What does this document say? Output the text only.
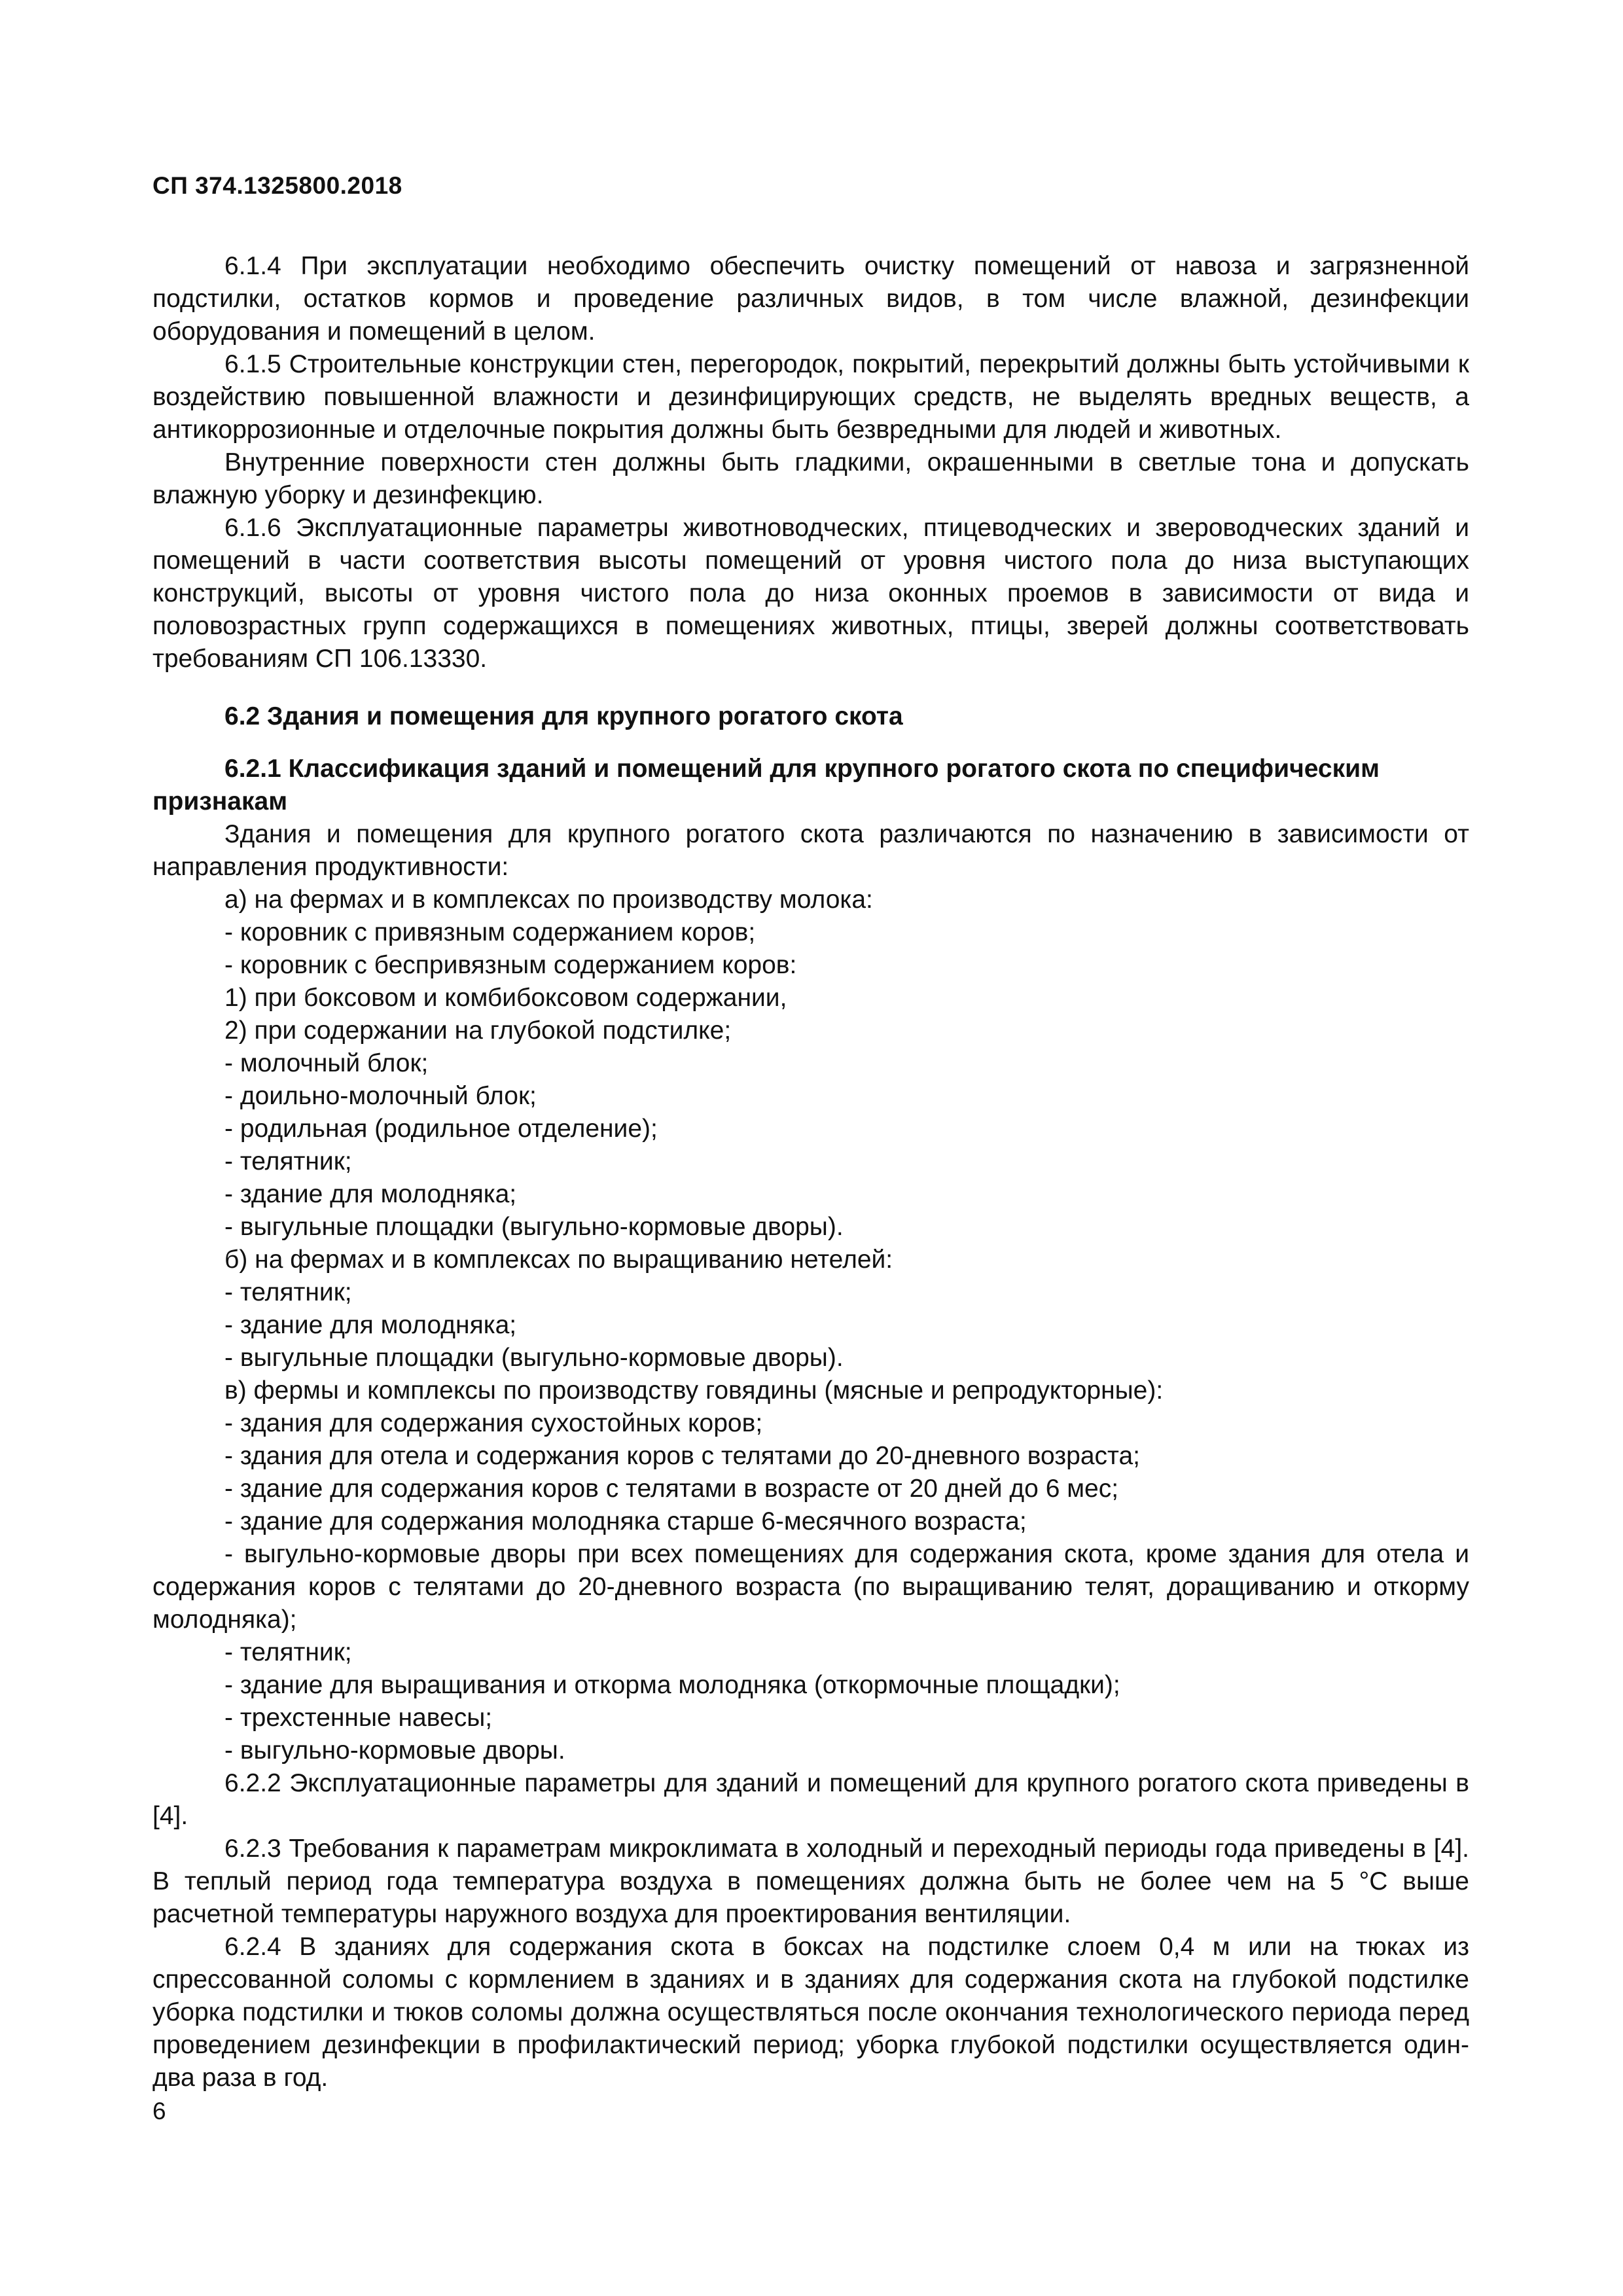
СП 374.1325800.2018

6.1.4 При эксплуатации необходимо обеспечить очистку помещений от навоза и загрязненной подстилки, остатков кормов и проведение различных видов, в том числе влажной, дезинфекции оборудования и помещений в целом.

6.1.5 Строительные конструкции стен, перегородок, покрытий, перекрытий должны быть устойчивыми к воздействию повышенной влажности и дезинфицирующих средств, не выделять вредных веществ, а антикоррозионные и отделочные покрытия должны быть безвредными для людей и животных.

Внутренние поверхности стен должны быть гладкими, окрашенными в светлые тона и допускать влажную уборку и дезинфекцию.

6.1.6 Эксплуатационные параметры животноводческих, птицеводческих и звероводческих зданий и помещений в части соответствия высоты помещений от уровня чистого пола до низа выступающих конструкций, высоты от уровня чистого пола до низа оконных проемов в зависимости от вида и половозрастных групп содержащихся в помещениях животных, птицы, зверей должны соответствовать требованиям СП 106.13330.

6.2 Здания и помещения для крупного рогатого скота

6.2.1 Классификация зданий и помещений для крупного рогатого скота по специфическим признакам

Здания и помещения для крупного рогатого скота различаются по назначению в зависимости от направления продуктивности:

а) на фермах и в комплексах по производству молока:

- коровник с привязным содержанием коров;

- коровник с беспривязным содержанием коров:

1) при боксовом и комбибоксовом содержании,

2) при содержании на глубокой подстилке;

- молочный блок;

- доильно-молочный блок;

- родильная (родильное отделение);

- телятник;

- здание для молодняка;

- выгульные площадки (выгульно-кормовые дворы).

б) на фермах и в комплексах по выращиванию нетелей:

- телятник;

- здание для молодняка;

- выгульные площадки (выгульно-кормовые дворы).

в) фермы и комплексы по производству говядины (мясные и репродукторные):

- здания для содержания сухостойных коров;

- здания для отела и содержания коров с телятами до 20-дневного возраста;

- здание для содержания коров с телятами в возрасте от 20 дней до 6 мес;

- здание для содержания молодняка старше 6-месячного возраста;

- выгульно-кормовые дворы при всех помещениях для содержания скота, кроме здания для отела и содержания коров с телятами до 20-дневного возраста (по выращиванию телят, доращиванию и откорму молодняка);

- телятник;

- здание для выращивания и откорма молодняка (откормочные площадки);

- трехстенные навесы;

- выгульно-кормовые дворы.

6.2.2 Эксплуатационные параметры для зданий и помещений для крупного рогатого скота приведены в [4].

6.2.3 Требования к параметрам микроклимата в холодный и переходный периоды года приведены в [4]. В теплый период года температура воздуха в помещениях должна быть не более чем на 5 °С выше расчетной температуры наружного воздуха для проектирования вентиляции.

6.2.4 В зданиях для содержания скота в боксах на подстилке слоем 0,4 м или на тюках из спрессованной соломы с кормлением в зданиях и в зданиях для содержания скота на глубокой подстилке уборка подстилки и тюков соломы должна осуществляться после окончания технологического периода перед проведением дезинфекции в профилактический период; уборка глубокой подстилки осуществляется один-два раза в год.

6
